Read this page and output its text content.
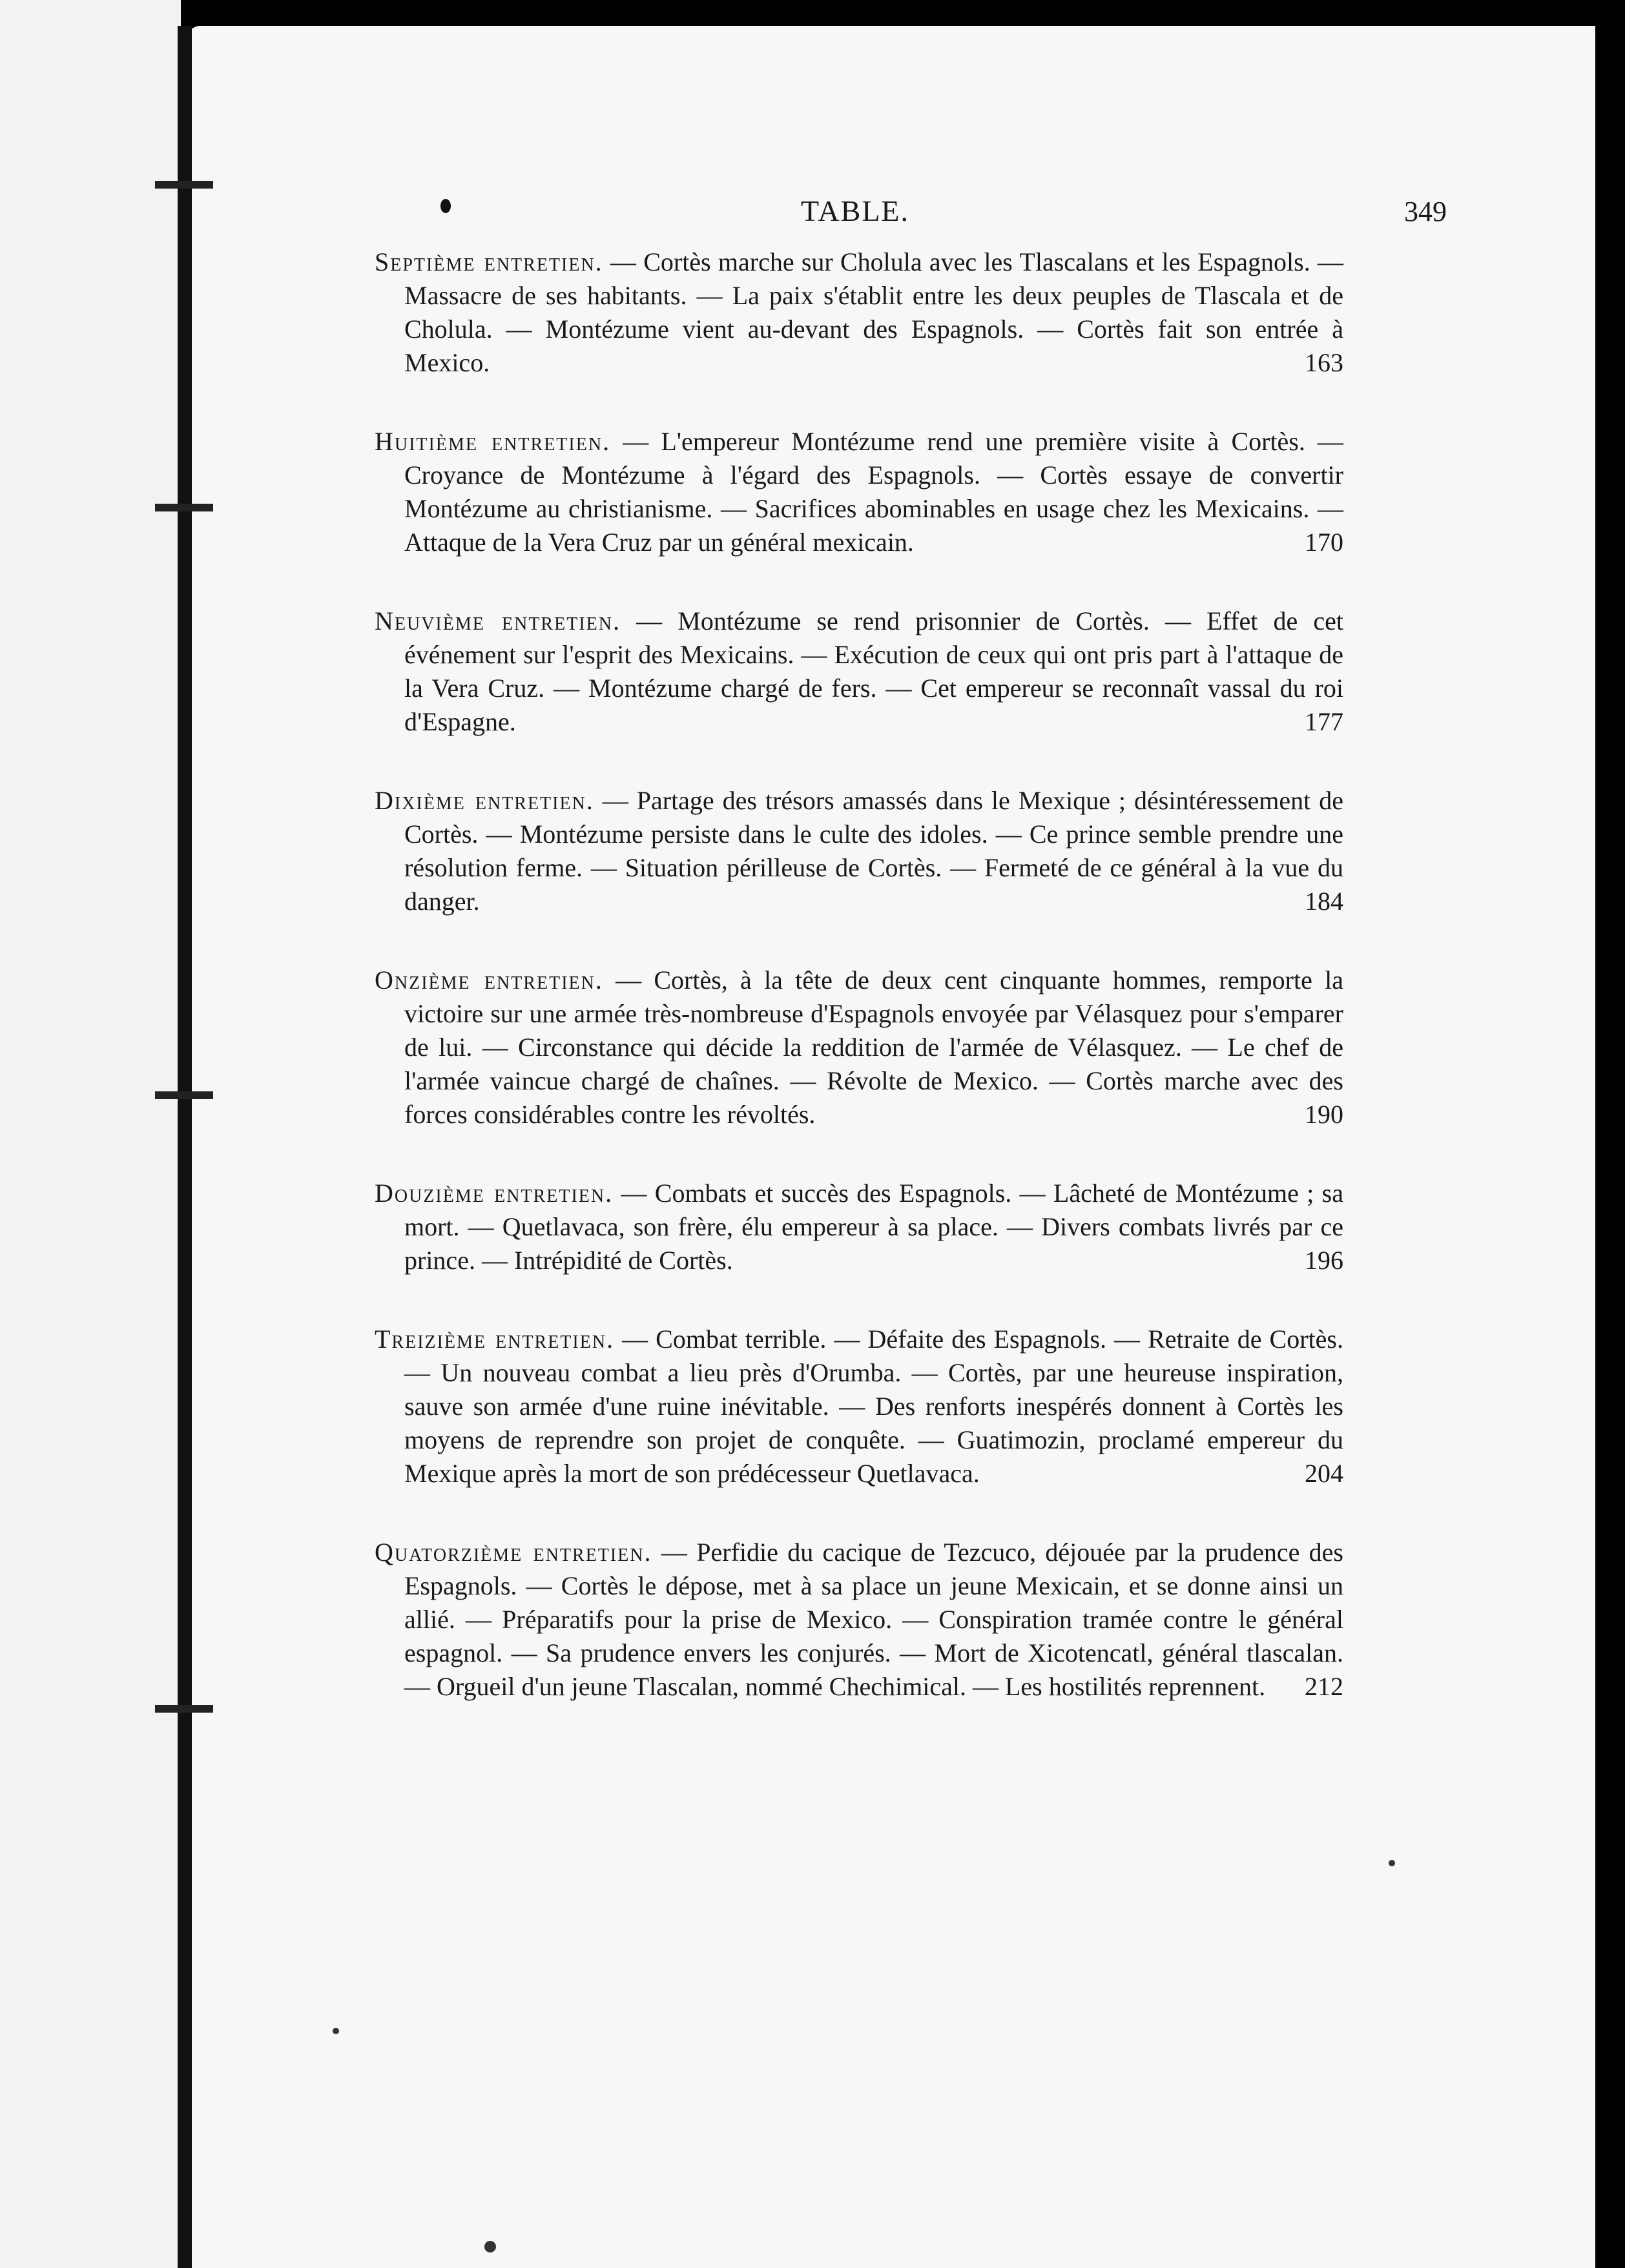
TABLE.	349
Septième entretien. — Cortès marche sur Cholula avec les Tlascalans et les Espagnols. — Massacre de ses habitants. — La paix s'établit entre les deux peuples de Tlascala et de Cholula. — Montézume vient au-devant des Espagnols. — Cortès fait son entrée à Mexico.	163
Huitième entretien. — L'empereur Montézume rend une première visite à Cortès. — Croyance de Montézume à l'égard des Espagnols. — Cortès essaye de convertir Montézume au christianisme. — Sacrifices abominables en usage chez les Mexicains. — Attaque de la Vera Cruz par un général mexicain.	170
Neuvième entretien. — Montézume se rend prisonnier de Cortès. — Effet de cet événement sur l'esprit des Mexicains. — Exécution de ceux qui ont pris part à l'attaque de la Vera Cruz. — Montézume chargé de fers. — Cet empereur se reconnaît vassal du roi d'Espagne.	177
Dixième entretien. — Partage des trésors amassés dans le Mexique ; désintéressement de Cortès. — Montézume persiste dans le culte des idoles. — Ce prince semble prendre une résolution ferme. — Situation périlleuse de Cortès. — Fermeté de ce général à la vue du danger.	184
Onzième entretien. — Cortès, à la tête de deux cent cinquante hommes, remporte la victoire sur une armée très-nombreuse d'Espagnols envoyée par Vélasquez pour s'emparer de lui. — Circonstance qui décide la reddition de l'armée de Vélasquez. — Le chef de l'armée vaincue chargé de chaînes. — Révolte de Mexico. — Cortès marche avec des forces considérables contre les révoltés.	190
Douzième entretien. — Combats et succès des Espagnols. — Lâcheté de Montézume ; sa mort. — Quetlavaca, son frère, élu empereur à sa place. — Divers combats livrés par ce prince. — Intrépidité de Cortès.	196
Treizième entretien. — Combat terrible. — Défaite des Espagnols. — Retraite de Cortès. — Un nouveau combat a lieu près d'Orumba. — Cortès, par une heureuse inspiration, sauve son armée d'une ruine inévitable. — Des renforts inespérés donnent à Cortès les moyens de reprendre son projet de conquête. — Guatimozin, proclamé empereur du Mexique après la mort de son prédécesseur Quetlavaca.	204
Quatorzième entretien. — Perfidie du cacique de Tezcuco, déjouée par la prudence des Espagnols. — Cortès le dépose, met à sa place un jeune Mexicain, et se donne ainsi un allié. — Préparatifs pour la prise de Mexico. — Conspiration tramée contre le général espagnol. — Sa prudence envers les conjurés. — Mort de Xicotencatl, général tlascalan. — Orgueil d'un jeune Tlascalan, nommé Chechimical. — Les hostilités reprennent. 212
